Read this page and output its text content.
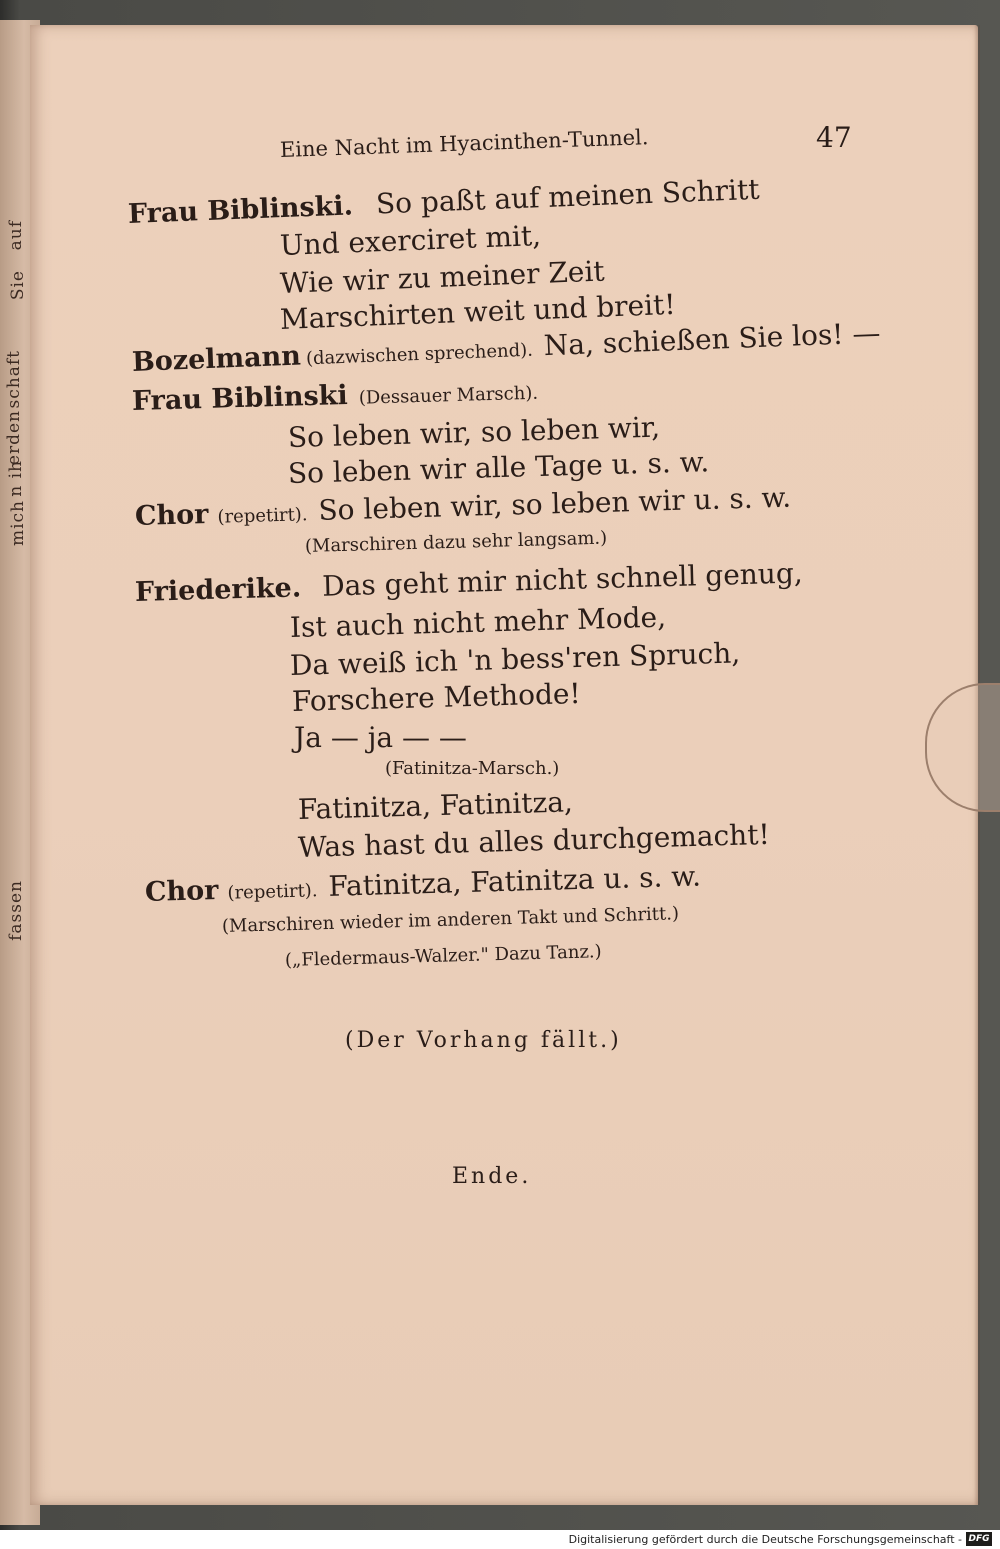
auf
Sie
schaft
erden
n ih
mich
fassen
Eine Nacht im Hyacinthen-Tunnel.	47
Frau Biblinski. So paßt auf meinen Schritt
Und exerciret mit,
Wie wir zu meiner Zeit
Marschirten weit und breit!
Bozelmann (dazwischen sprechend). Na, schießen Sie los! —
Frau Biblinski (Dessauer Marsch).
So leben wir, so leben wir,
So leben wir alle Tage u. s. w.
Chor (repetirt). So leben wir, so leben wir u. s. w.
(Marschiren dazu sehr langsam.)
Friederike. Das geht mir nicht schnell genug,
Ist auch nicht mehr Mode,
Da weiß ich 'n bess'ren Spruch,
Forschere Methode!
Ja — ja — —
(Fatinitza-Marsch.)
Fatinitza, Fatinitza,
Was hast du alles durchgemacht!
Chor (repetirt). Fatinitza, Fatinitza u. s. w.
(Marschiren wieder im anderen Takt und Schritt.)
(„Fledermaus-Walzer." Dazu Tanz.)
(Der Vorhang fällt.)
Ende.
Digitalisierung gefördert durch die Deutsche Forschungsgemeinschaft - DFG
